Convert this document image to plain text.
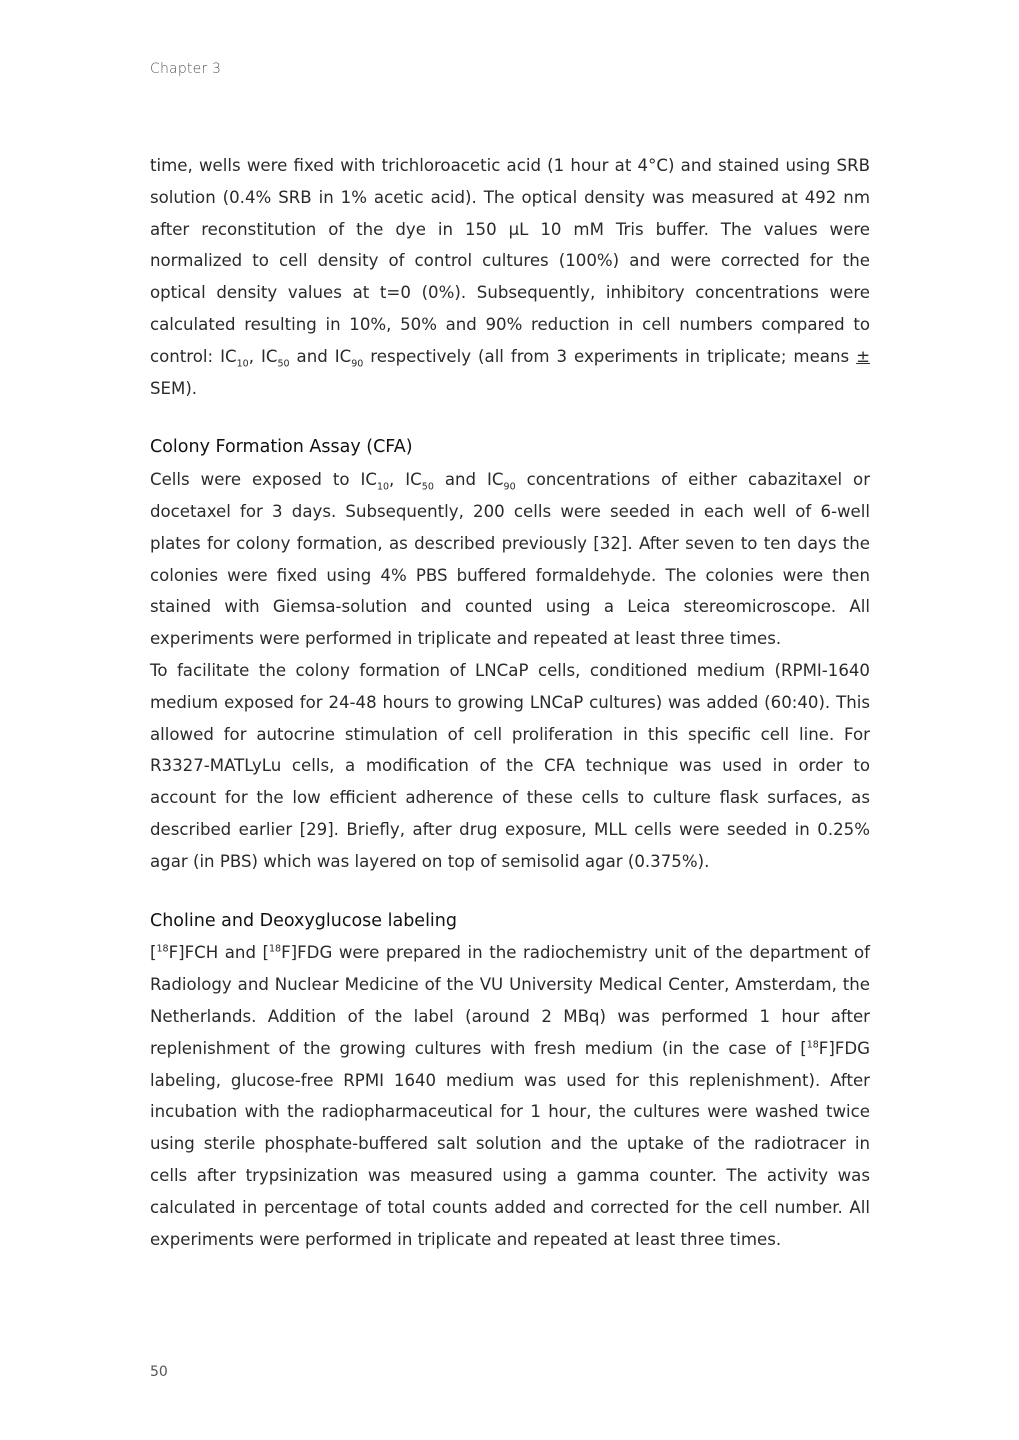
Chapter 3

time, wells were fixed with trichloroacetic acid (1 hour at 4°C) and stained using SRB solution (0.4% SRB in 1% acetic acid). The optical density was measured at 492 nm after reconstitution of the dye in 150 µL 10 mM Tris buffer. The values were normalized to cell density of control cultures (100%) and were corrected for the optical density values at t=0 (0%). Subsequently, inhibitory concentrations were calculated resulting in 10%, 50% and 90% reduction in cell numbers compared to control: $IC_{10}$, $IC_{50}$ and $IC_{90}$ respectively (all from 3 experiments in triplicate; means ± SEM).

Colony Formation Assay (CFA)

Cells were exposed to $IC_{10}$, $IC_{50}$ and $IC_{90}$ concentrations of either cabazitaxel or docetaxel for 3 days. Subsequently, 200 cells were seeded in each well of 6-well plates for colony formation, as described previously [32]. After seven to ten days the colonies were fixed using 4% PBS buffered formaldehyde. The colonies were then stained with Giemsa-solution and counted using a Leica stereomicroscope. All experiments were performed in triplicate and repeated at least three times.

To facilitate the colony formation of LNCaP cells, conditioned medium (RPMI-1640 medium exposed for 24-48 hours to growing LNCaP cultures) was added (60:40). This allowed for autocrine stimulation of cell proliferation in this specific cell line. For R3327-MATLyLu cells, a modification of the CFA technique was used in order to account for the low efficient adherence of these cells to culture flask surfaces, as described earlier [29]. Briefly, after drug exposure, MLL cells were seeded in 0.25% agar (in PBS) which was layered on top of semisolid agar (0.375%).

Choline and Deoxyglucose labeling

[$^{18}$F]FCH and [$^{18}$F]FDG were prepared in the radiochemistry unit of the department of Radiology and Nuclear Medicine of the VU University Medical Center, Amsterdam, the Netherlands. Addition of the label (around 2 MBq) was performed 1 hour after replenishment of the growing cultures with fresh medium (in the case of [$^{18}$F]FDG labeling, glucose-free RPMI 1640 medium was used for this replenishment). After incubation with the radiopharmaceutical for 1 hour, the cultures were washed twice using sterile phosphate-buffered salt solution and the uptake of the radiotracer in cells after trypsinization was measured using a gamma counter. The activity was calculated in percentage of total counts added and corrected for the cell number. All experiments were performed in triplicate and repeated at least three times.

50
